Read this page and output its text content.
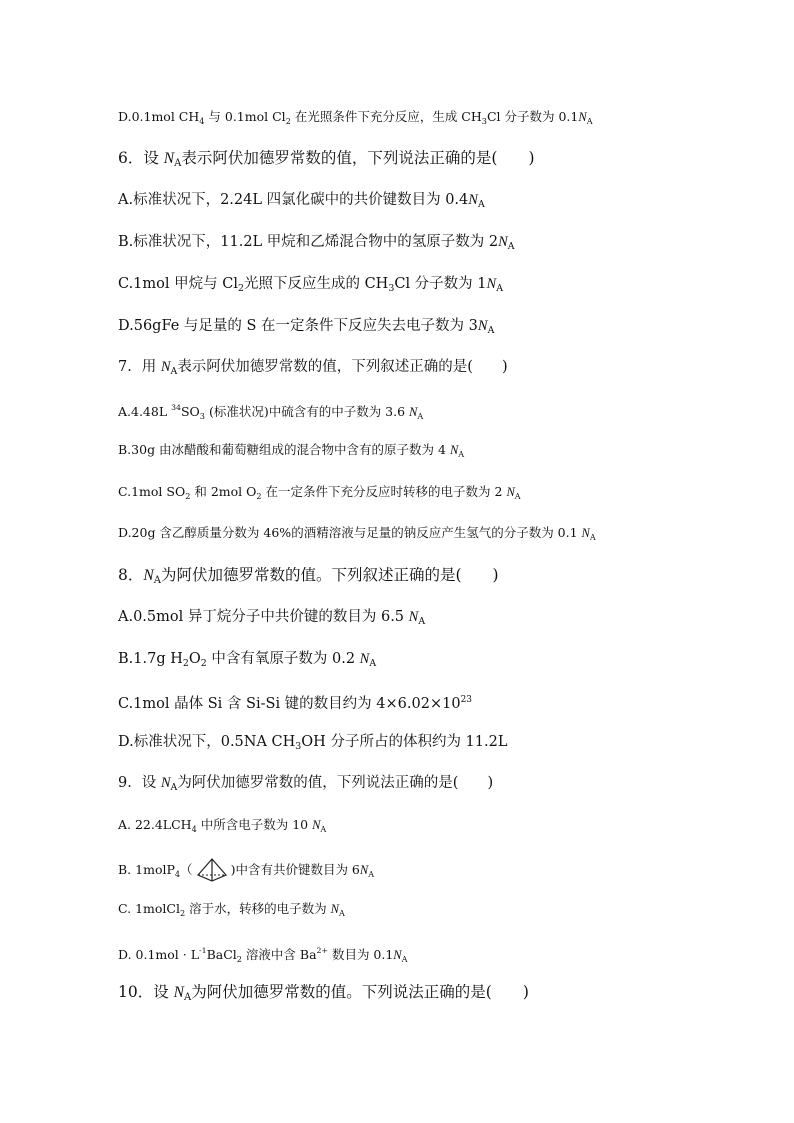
D.0.1mol $CH_4$ 与 0.1mol $Cl_2$ 在光照条件下充分反应，生成 $CH_3Cl$ 分子数为 $0.1N_A$
6．设 $N_A$表示阿伏加德罗常数的值，下列说法正确的是(　　)
A.标准状况下，2.24L 四氯化碳中的共价键数目为 $0.4N_A$
B.标准状况下，11.2L 甲烷和乙烯混合物中的氢原子数为 $2N_A$
C.1mol 甲烷与 $Cl_2$光照下反应生成的 $CH_3Cl$ 分子数为 $1N_A$
D.56gFe 与足量的 S 在一定条件下反应失去电子数为 $3N_A$
7．用 $N_A$表示阿伏加德罗常数的值，下列叙述正确的是(　　)
A.4.48L $^{34}SO_3$ (标准状况)中硫含有的中子数为 3.6 $N_A$
B.30g 由冰醋酸和葡萄糖组成的混合物中含有的原子数为 4 $N_A$
C.1mol $SO_2$ 和 2mol $O_2$ 在一定条件下充分反应时转移的电子数为 2 $N_A$
D.20g 含乙醇质量分数为 46%的酒精溶液与足量的钠反应产生氢气的分子数为 0.1 $N_A$
8．$N_A$为阿伏加德罗常数的值。下列叙述正确的是(　　)
A.0.5mol 异丁烷分子中共价键的数目为 6.5 $N_A$
B.1.7g $H_2O_2$ 中含有氧原子数为 0.2 $N_A$
C.1mol 晶体 Si 含 Si-Si 键的数目约为 $4\times 6.02\times 10^{23}$
D.标准状况下，0.5NA $CH_3OH$ 分子所占的体积约为 11.2L
9．设 $N_A$为阿伏加德罗常数的值，下列说法正确的是(　　)
A. $22.4LCH_4$ 中所含电子数为 10 $N_A$
B. 1molP$_4$（	)中含有共价键数目为 $6N_A$
C. 1molCl$_2$ 溶于水，转移的电子数为 $N_A$
D. $0.1mol \cdot L^{-1}BaCl_2$ 溶液中含 $Ba^{2+}$ 数目为 $0.1N_A$
10．设 $N_A$为阿伏加德罗常数的值。下列说法正确的是(　　)
